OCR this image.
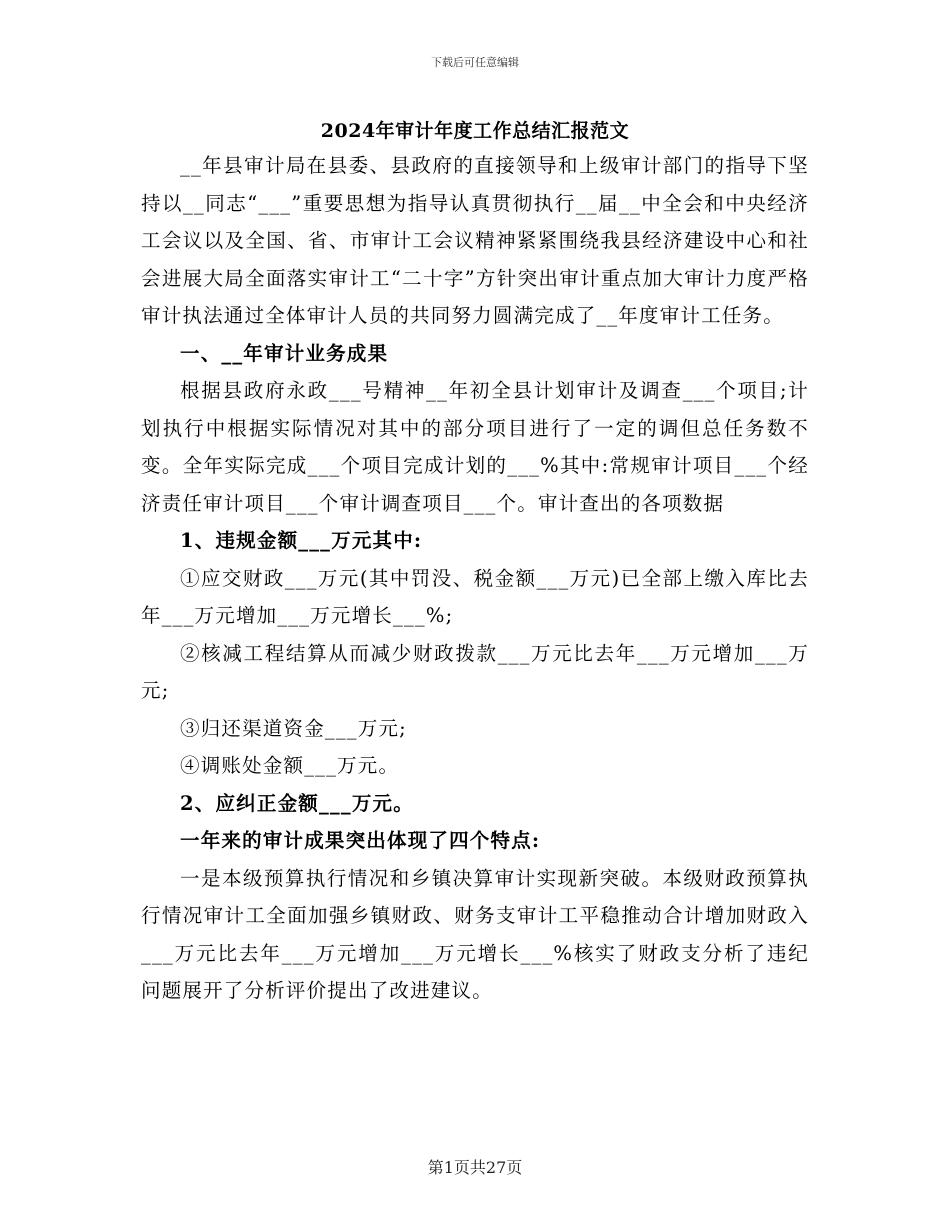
下载后可任意编辑
2024年审计年度工作总结汇报范文

__年县审计局在县委、县政府的直接领导和上级审计部门的指导下坚持以__同志“___”重要思想为指导认真贯彻执行__届__中全会和中央经济工会议以及全国、省、市审计工会议精神紧紧围绕我县经济建设中心和社会进展大局全面落实审计工“二十字”方针突出审计重点加大审计力度严格审计执法通过全体审计人员的共同努力圆满完成了__年度审计工任务。

一、__年审计业务成果

根据县政府永政___号精神__年初全县计划审计及调查___个项目;计划执行中根据实际情况对其中的部分项目进行了一定的调但总任务数不变。全年实际完成___个项目完成计划的___%其中:常规审计项目___个经济责任审计项目___个审计调查项目___个。审计查出的各项数据

1、违规金额___万元其中:

①应交财政___万元(其中罚没、税金额___万元)已全部上缴入库比去年___万元增加___万元增长___%;

②核减工程结算从而减少财政拨款___万元比去年___万元增加___万元;

③归还渠道资金___万元;

④调账处金额___万元。

2、应纠正金额___万元。

一年来的审计成果突出体现了四个特点:

一是本级预算执行情况和乡镇决算审计实现新突破。本级财政预算执行情况审计工全面加强乡镇财政、财务支审计工平稳推动合计增加财政入___万元比去年___万元增加___万元增长___%核实了财政支分析了违纪问题展开了分析评价提出了改进建议。

第1页共27页
